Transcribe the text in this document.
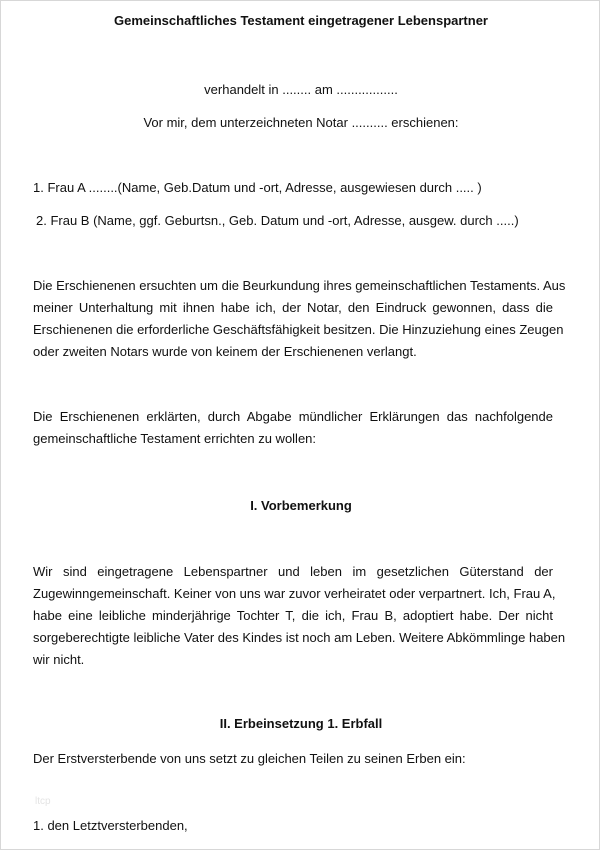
Gemeinschaftliches Testament eingetragener Lebenspartner

verhandelt in ........ am .................

Vor mir, dem unterzeichneten Notar .......... erschienen:

1. Frau A ........(Name, Geb.Datum und -ort, Adresse, ausgewiesen durch ..... )

2. Frau B (Name, ggf. Geburtsn., Geb. Datum und -ort, Adresse, ausgew. durch .....)

Die Erschienenen ersuchten um die Beurkundung ihres gemeinschaftlichen Testaments. Aus
meiner Unterhaltung mit ihnen habe ich, der Notar, den Eindruck gewonnen, dass die
Erschienenen die erforderliche Geschäftsfähigkeit besitzen. Die Hinzuziehung eines Zeugen
oder zweiten Notars wurde von keinem der Erschienenen verlangt.
Die Erschienenen erklärten, durch Abgabe mündlicher Erklärungen das nachfolgende
gemeinschaftliche Testament errichten zu wollen:

I. Vorbemerkung

Wir sind eingetragene Lebenspartner und leben im gesetzlichen Güterstand der
Zugewinngemeinschaft. Keiner von uns war zuvor verheiratet oder verpartnert. Ich, Frau A,
habe eine leibliche minderjährige Tochter T, die ich, Frau B, adoptiert habe. Der nicht
sorgeberechtigte leibliche Vater des Kindes ist noch am Leben. Weitere Abkömmlinge haben
wir nicht.

II. Erbeinsetzung 1. Erbfall

Der Erstversterbende von uns setzt zu gleichen Teilen zu seinen Erben ein:

ltcp

1. den Letztversterbenden,
